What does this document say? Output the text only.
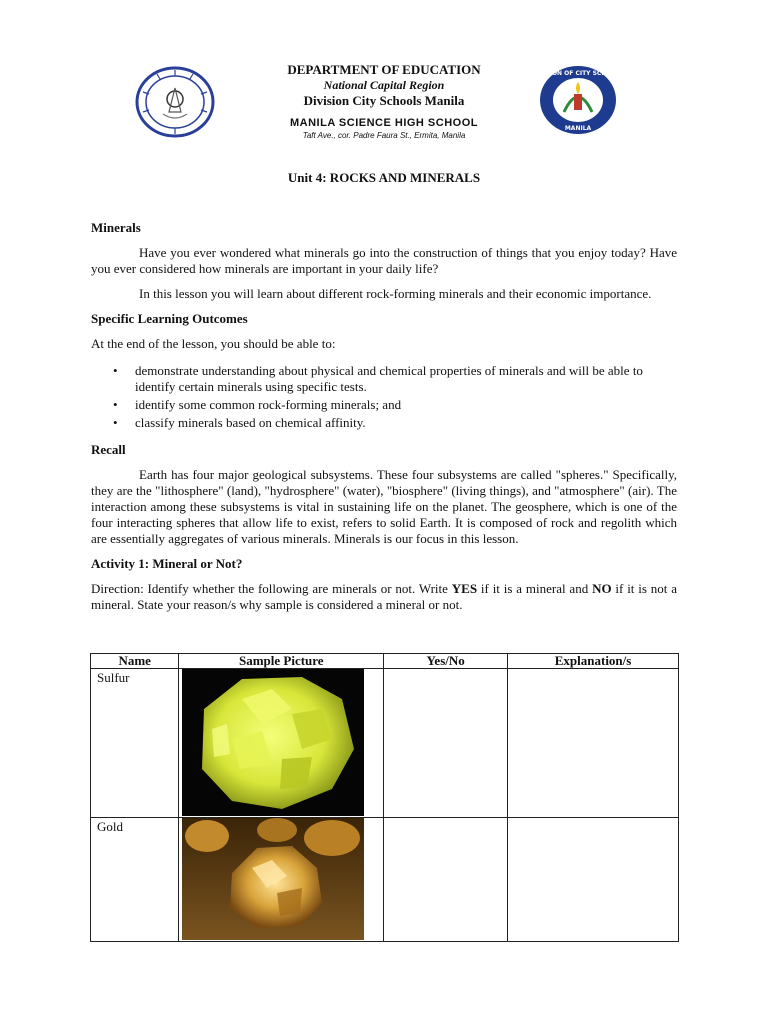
DIVISION OF CITY SCHOOLS
MANILA
DEPARTMENT OF EDUCATION
National Capital Region
Division City Schools Manila
MANILA SCIENCE HIGH SCHOOL
Taft Ave., cor. Padre Faura St., Ermita, Manila
Unit 4: ROCKS AND MINERALS

Minerals

Have you ever wondered what minerals go into the construction of things that you enjoy today? Have you ever considered how minerals are important in your daily life?

In this lesson you will learn about different rock-forming minerals and their economic importance.

Specific Learning Outcomes

At the end of the lesson, you should be able to:

• demonstrate understanding about physical and chemical properties of minerals and will be able to identify certain minerals using specific tests.
• identify some common rock-forming minerals; and
• classify minerals based on chemical affinity.

Recall

Earth has four major geological subsystems. These four subsystems are called "spheres." Specifically, they are the "lithosphere" (land), "hydrosphere" (water), "biosphere" (living things), and "atmosphere" (air). The interaction among these subsystems is vital in sustaining life on the planet. The geosphere, which is one of the four interacting spheres that allow life to exist, refers to solid Earth. It is composed of rock and regolith which are essentially aggregates of various minerals. Minerals is our focus in this lesson.

Activity 1: Mineral or Not?

Direction: Identify whether the following are minerals or not. Write YES if it is a mineral and NO if it is not a mineral. State your reason/s why sample is considered a mineral or not.

Name	Sample Picture	Yes/No	Explanation/s
Sulfur	

Gold	
